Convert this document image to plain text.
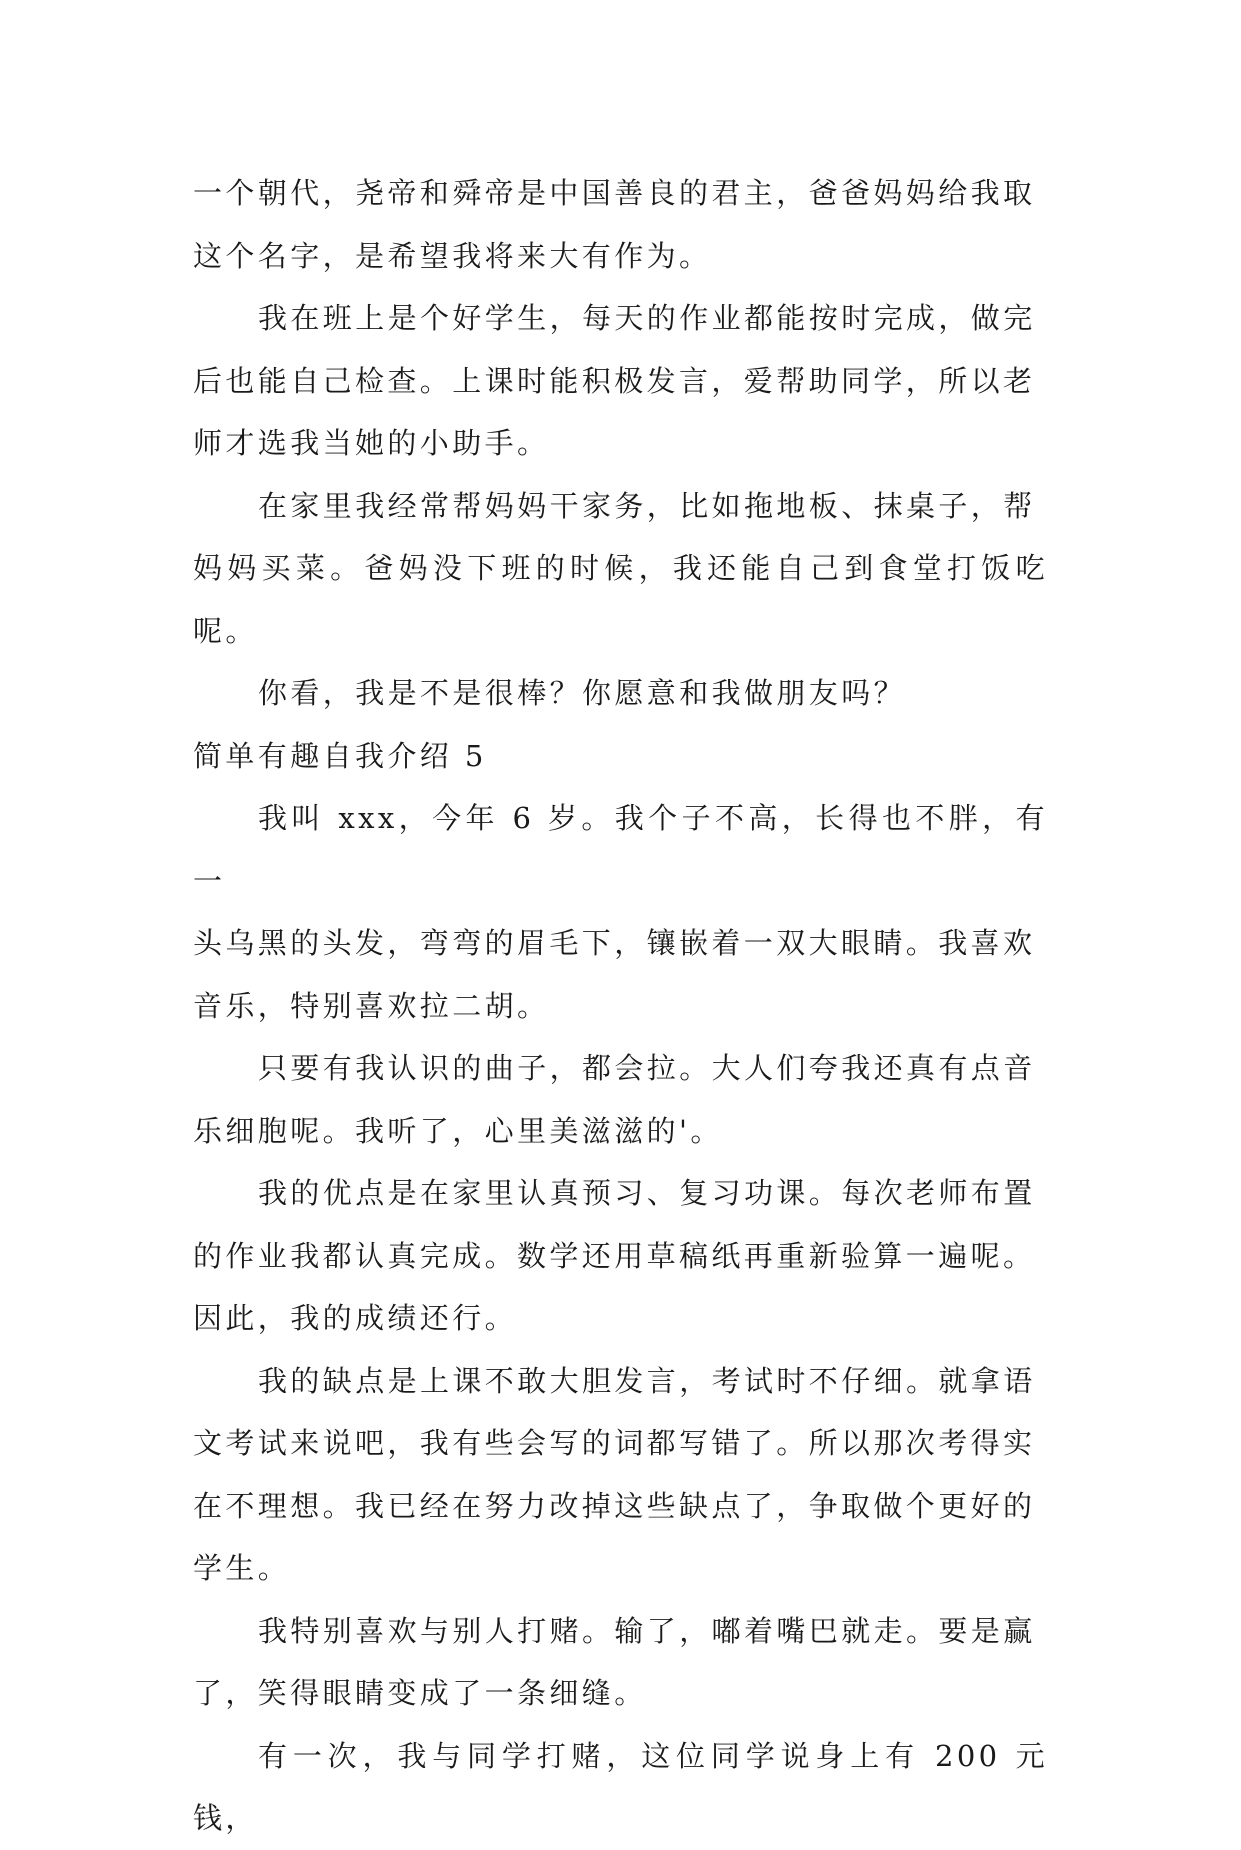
一个朝代，尧帝和舜帝是中国善良的君主，爸爸妈妈给我取
这个名字，是希望我将来大有作为。

我在班上是个好学生，每天的作业都能按时完成，做完
后也能自己检查。上课时能积极发言，爱帮助同学，所以老
师才选我当她的小助手。

在家里我经常帮妈妈干家务，比如拖地板、抹桌子，帮
妈妈买菜。爸妈没下班的时候，我还能自己到食堂打饭吃呢。

你看，我是不是很棒？你愿意和我做朋友吗？

简单有趣自我介绍 5

我叫 xxx，今年 6 岁。我个子不高，长得也不胖，有一
头乌黑的头发，弯弯的眉毛下，镶嵌着一双大眼睛。我喜欢
音乐，特别喜欢拉二胡。

只要有我认识的曲子，都会拉。大人们夸我还真有点音
乐细胞呢。我听了，心里美滋滋的'。

我的优点是在家里认真预习、复习功课。每次老师布置
的作业我都认真完成。数学还用草稿纸再重新验算一遍呢。
因此，我的成绩还行。

我的缺点是上课不敢大胆发言，考试时不仔细。就拿语
文考试来说吧，我有些会写的词都写错了。所以那次考得实
在不理想。我已经在努力改掉这些缺点了，争取做个更好的
学生。

我特别喜欢与别人打赌。输了，嘟着嘴巴就走。要是赢
了，笑得眼睛变成了一条细缝。

有一次，我与同学打赌，这位同学说身上有 200 元钱，
